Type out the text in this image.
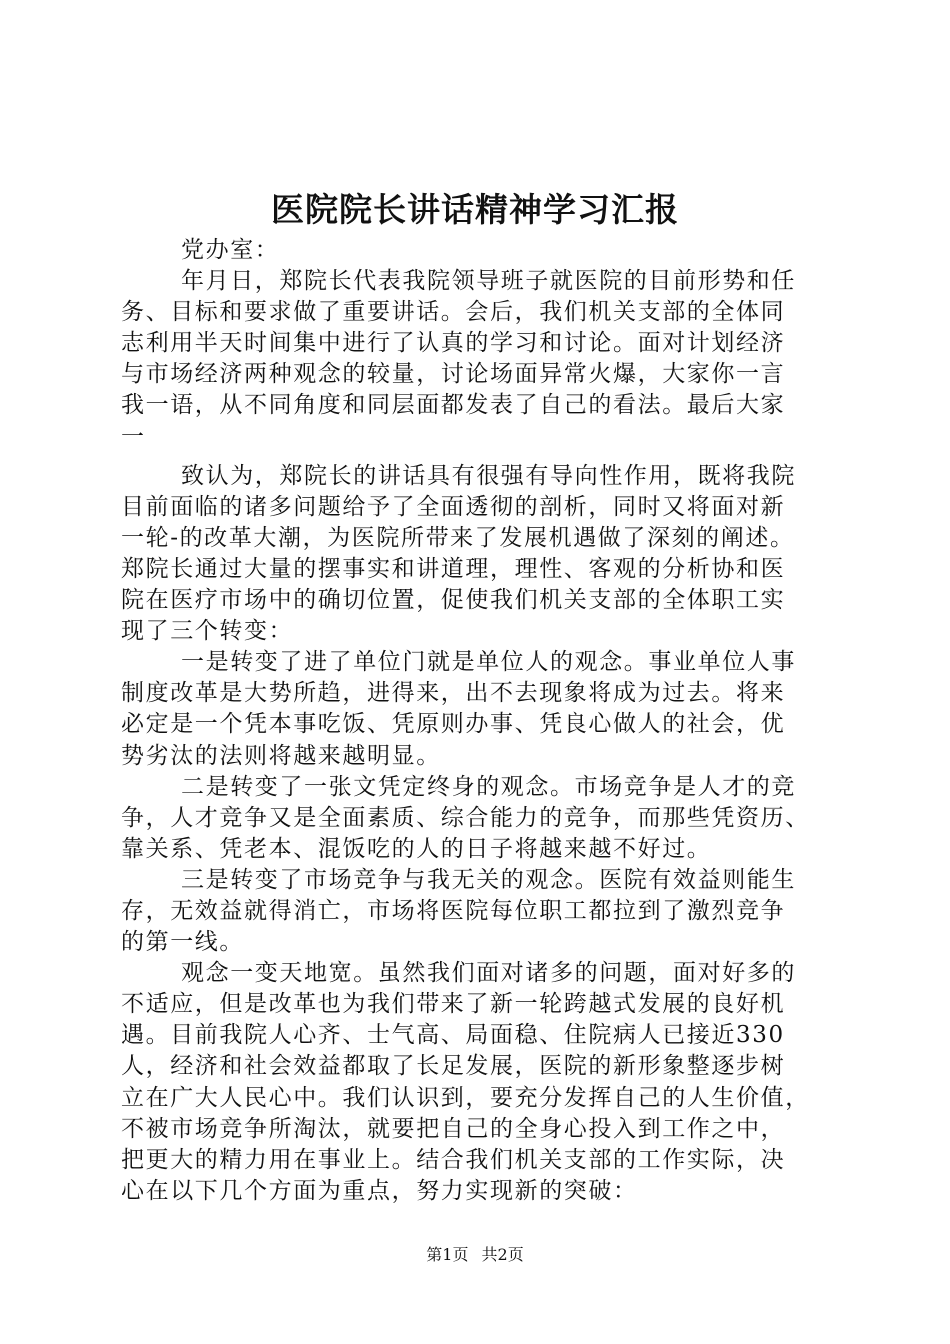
医院院长讲话精神学习汇报
党办室：
年月日，郑院长代表我院领导班子就医院的目前形势和任
务、目标和要求做了重要讲话。会后，我们机关支部的全体同
志利用半天时间集中进行了认真的学习和讨论。面对计划经济
与市场经济两种观念的较量，讨论场面异常火爆，大家你一言
我一语，从不同角度和同层面都发表了自己的看法。最后大家
一
致认为，郑院长的讲话具有很强有导向性作用，既将我院
目前面临的诸多问题给予了全面透彻的剖析，同时又将面对新
一轮-的改革大潮，为医院所带来了发展机遇做了深刻的阐述。
郑院长通过大量的摆事实和讲道理，理性、客观的分析协和医
院在医疗市场中的确切位置，促使我们机关支部的全体职工实
现了三个转变：
一是转变了进了单位门就是单位人的观念。事业单位人事
制度改革是大势所趋，进得来，出不去现象将成为过去。将来
必定是一个凭本事吃饭、凭原则办事、凭良心做人的社会，优
势劣汰的法则将越来越明显。
二是转变了一张文凭定终身的观念。市场竞争是人才的竞
争，人才竞争又是全面素质、综合能力的竞争，而那些凭资历、
靠关系、凭老本、混饭吃的人的日子将越来越不好过。
三是转变了市场竞争与我无关的观念。医院有效益则能生
存，无效益就得消亡，市场将医院每位职工都拉到了激烈竞争
的第一线。
观念一变天地宽。虽然我们面对诸多的问题，面对好多的
不适应，但是改革也为我们带来了新一轮跨越式发展的良好机
遇。目前我院人心齐、士气高、局面稳、住院病人已接近330
人，经济和社会效益都取了长足发展，医院的新形象整逐步树
立在广大人民心中。我们认识到，要充分发挥自己的人生价值，
不被市场竞争所淘汰，就要把自己的全身心投入到工作之中，
把更大的精力用在事业上。结合我们机关支部的工作实际，决
心在以下几个方面为重点，努力实现新的突破：
第1页 共2页
